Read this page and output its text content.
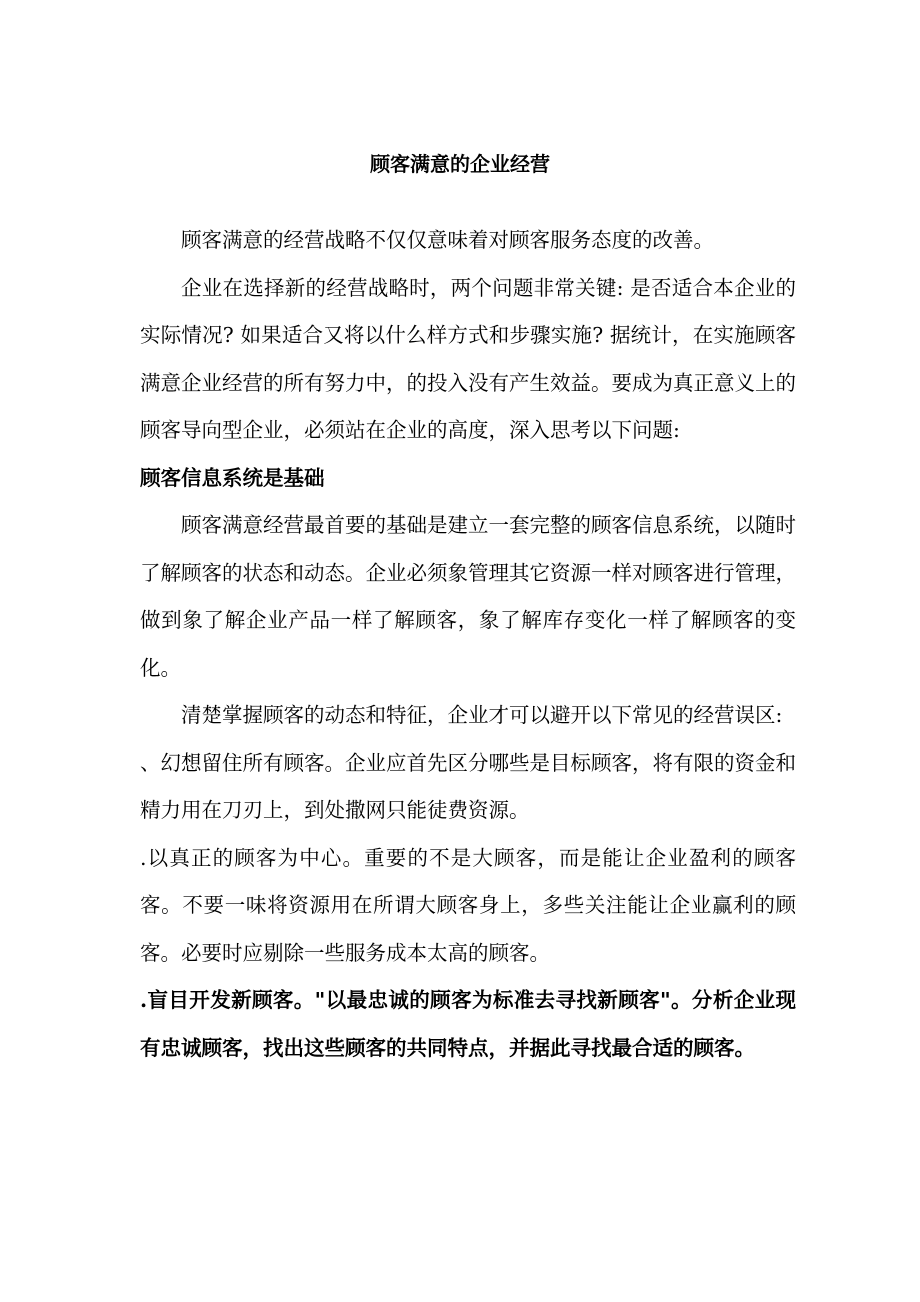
顾客满意的企业经营

顾客满意的经营战略不仅仅意味着对顾客服务态度的改善。

企业在选择新的经营战略时，两个问题非常关键: 是否适合本企业的实际情况? 如果适合又将以什么样方式和步骤实施? 据统计，在实施顾客满意企业经营的所有努力中，的投入没有产生效益。要成为真正意义上的顾客导向型企业，必须站在企业的高度，深入思考以下问题:

顾客信息系统是基础

顾客满意经营最首要的基础是建立一套完整的顾客信息系统，以随时了解顾客的状态和动态。企业必须象管理其它资源一样对顾客进行管理，做到象了解企业产品一样了解顾客，象了解库存变化一样了解顾客的变化。

清楚掌握顾客的动态和特征，企业才可以避开以下常见的经营误区:

、幻想留住所有顾客。企业应首先区分哪些是目标顾客，将有限的资金和精力用在刀刃上，到处撒网只能徒费资源。

.以真正的顾客为中心。重要的不是大顾客，而是能让企业盈利的顾客客。不要一味将资源用在所谓大顾客身上，多些关注能让企业赢利的顾客。必要时应剔除一些服务成本太高的顾客。

.盲目开发新顾客。"以最忠诚的顾客为标准去寻找新顾客"。分析企业现有忠诚顾客，找出这些顾客的共同特点，并据此寻找最合适的顾客。
